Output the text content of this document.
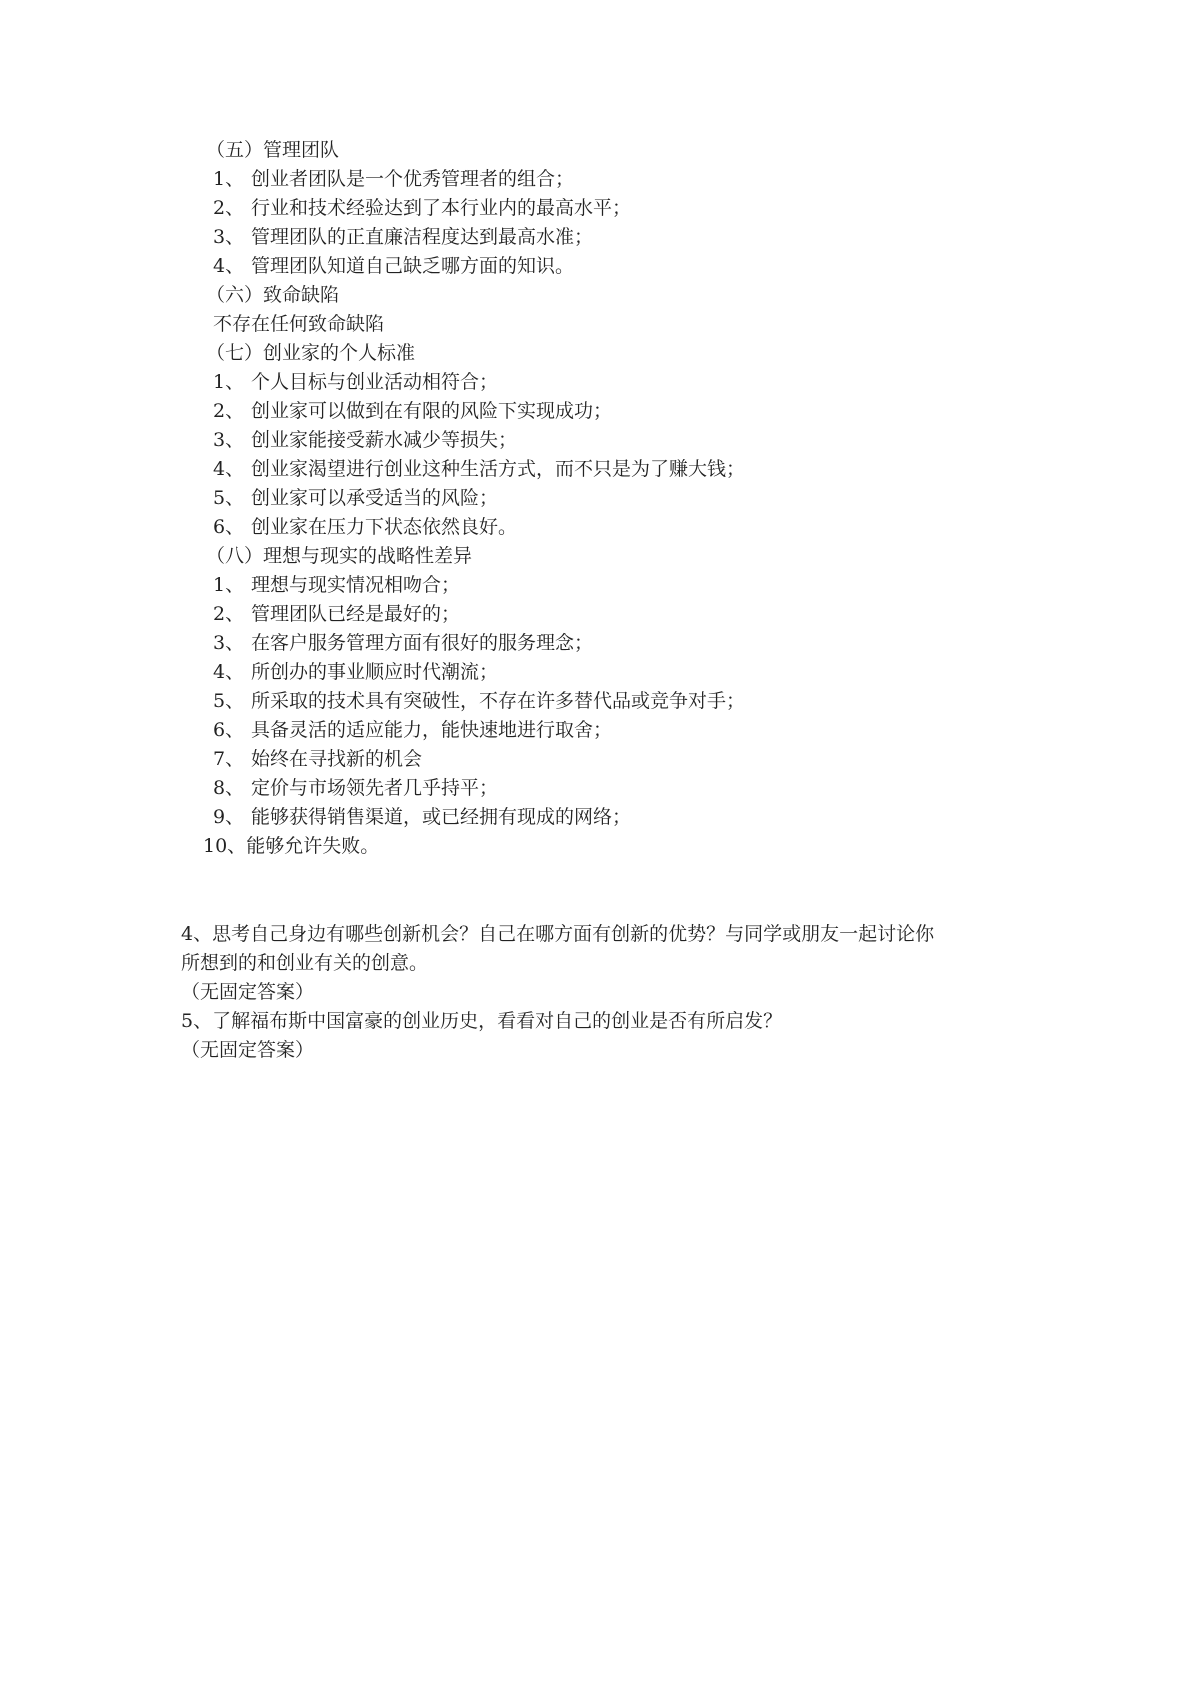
（五）管理团队
1、 创业者团队是一个优秀管理者的组合；
2、 行业和技术经验达到了本行业内的最高水平；
3、 管理团队的正直廉洁程度达到最高水准；
4、 管理团队知道自己缺乏哪方面的知识。
（六）致命缺陷
不存在任何致命缺陷
（七）创业家的个人标准
1、 个人目标与创业活动相符合；
2、 创业家可以做到在有限的风险下实现成功；
3、 创业家能接受薪水减少等损失；
4、 创业家渴望进行创业这种生活方式，而不只是为了赚大钱；
5、 创业家可以承受适当的风险；
6、 创业家在压力下状态依然良好。
（八）理想与现实的战略性差异
1、 理想与现实情况相吻合；
2、 管理团队已经是最好的；
3、 在客户服务管理方面有很好的服务理念；
4、 所创办的事业顺应时代潮流；
5、 所采取的技术具有突破性，不存在许多替代品或竞争对手；
6、 具备灵活的适应能力，能快速地进行取舍；
7、 始终在寻找新的机会
8、 定价与市场领先者几乎持平；
9、 能够获得销售渠道，或已经拥有现成的网络；
10、能够允许失败。
4、思考自己身边有哪些创新机会？自己在哪方面有创新的优势？与同学或朋友一起讨论你
所想到的和创业有关的创意。
（无固定答案）
5、了解福布斯中国富豪的创业历史，看看对自己的创业是否有所启发？
（无固定答案）
